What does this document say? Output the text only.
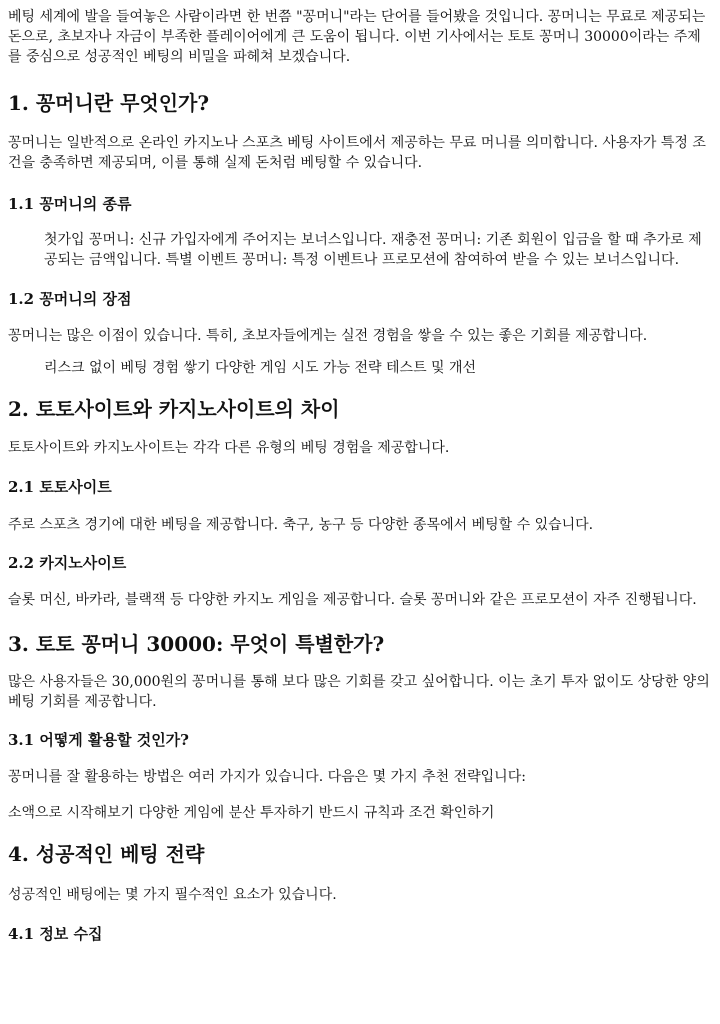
베팅 세계에 발을 들여놓은 사람이라면 한 번쯤 "꽁머니"라는 단어를 들어봤을 것입니다. 꽁머니는 무료로 제공되는 돈으로, 초보자나 자금이 부족한 플레이어에게 큰 도움이 됩니다. 이번 기사에서는 토토 꽁머니 30000이라는 주제를 중심으로 성공적인 베팅의 비밀을 파헤쳐 보겠습니다.

1. 꽁머니란 무엇인가?

꽁머니는 일반적으로 온라인 카지노나 스포츠 베팅 사이트에서 제공하는 무료 머니를 의미합니다. 사용자가 특정 조건을 충족하면 제공되며, 이를 통해 실제 돈처럼 베팅할 수 있습니다.

1.1 꽁머니의 종류

첫가입 꽁머니: 신규 가입자에게 주어지는 보너스입니다. 재충전 꽁머니: 기존 회원이 입금을 할 때 추가로 제공되는 금액입니다. 특별 이벤트 꽁머니: 특정 이벤트나 프로모션에 참여하여 받을 수 있는 보너스입니다.

1.2 꽁머니의 장점

꽁머니는 많은 이점이 있습니다. 특히, 초보자들에게는 실전 경험을 쌓을 수 있는 좋은 기회를 제공합니다.

리스크 없이 베팅 경험 쌓기 다양한 게임 시도 가능 전략 테스트 및 개선

2. 토토사이트와 카지노사이트의 차이

토토사이트와 카지노사이트는 각각 다른 유형의 베팅 경험을 제공합니다.

2.1 토토사이트

주로 스포츠 경기에 대한 베팅을 제공합니다. 축구, 농구 등 다양한 종목에서 베팅할 수 있습니다.

2.2 카지노사이트

슬롯 머신, 바카라, 블랙잭 등 다양한 카지노 게임을 제공합니다. 슬롯 꽁머니와 같은 프로모션이 자주 진행됩니다.

3. 토토 꽁머니 30000: 무엇이 특별한가?

많은 사용자들은 30,000원의 꽁머니를 통해 보다 많은 기회를 갖고 싶어합니다. 이는 초기 투자 없이도 상당한 양의 베팅 기회를 제공합니다.

3.1 어떻게 활용할 것인가?

꽁머니를 잘 활용하는 방법은 여러 가지가 있습니다. 다음은 몇 가지 추천 전략입니다:

소액으로 시작해보기 다양한 게임에 분산 투자하기 반드시 규칙과 조건 확인하기

4. 성공적인 베팅 전략

성공적인 배팅에는 몇 가지 필수적인 요소가 있습니다.

4.1 정보 수집
